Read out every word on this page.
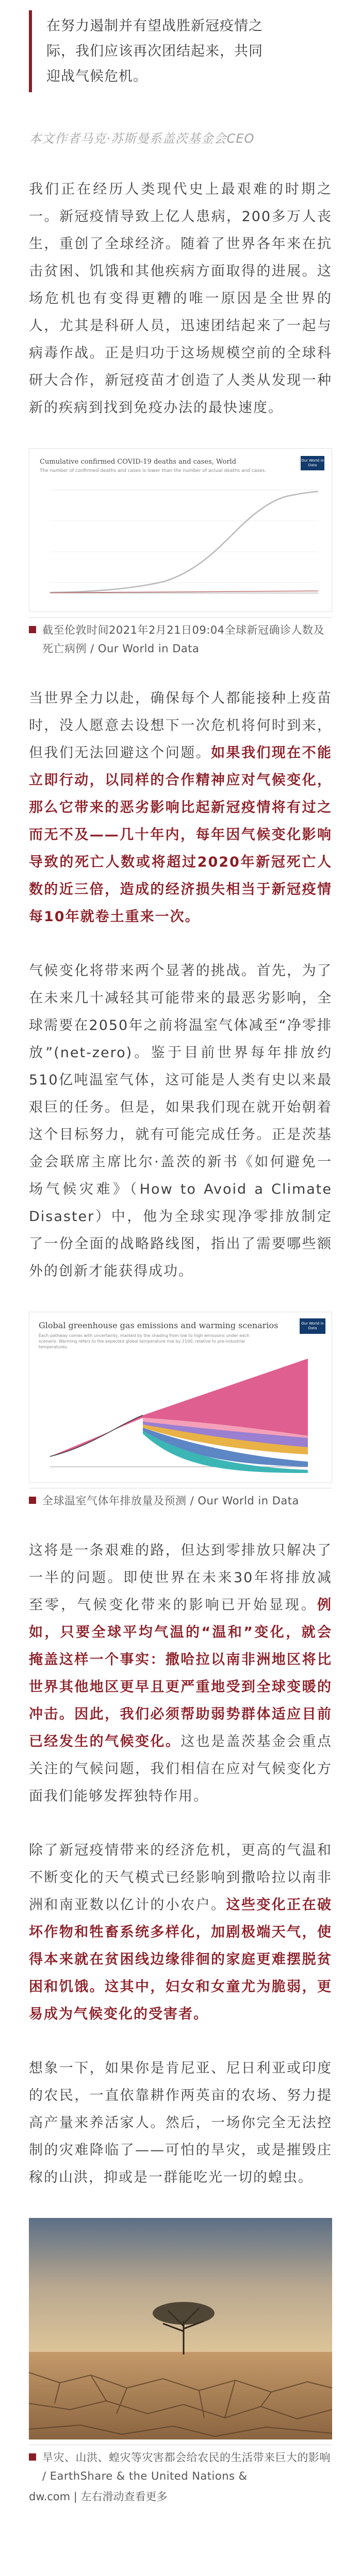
在努力遏制并有望战胜新冠疫情之
际，我们应该再次团结起来，共同
迎战气候危机。
本文作者马克·苏斯曼系盖茨基金会CEO

我们正在经历人类现代史上最艰难的时期之一。新冠疫情导致上亿人患病，200多万人丧生，重创了全球经济。随着了世界各年来在抗击贫困、饥饿和其他疾病方面取得的进展。这场危机也有变得更糟的唯一原因是全世界的人，尤其是科研人员，迅速团结起来了一起与病毒作战。正是归功于这场规模空前的全球科研大合作，新冠疫苗才创造了人类从发现一种新的疾病到找到免疫办法的最快速度。

Cumulative confirmed COVID-19 deaths and cases, World
The number of confirmed deaths and cases is lower than the number of actual deaths and cases.
Our World in Data
截至伦敦时间2021年2月21日09:04全球新冠确诊人数及死亡病例 / Our World in Data

当世界全力以赴，确保每个人都能接种上疫苗时，没人愿意去设想下一次危机将何时到来，但我们无法回避这个问题。如果我们现在不能立即行动，以同样的合作精神应对气候变化，那么它带来的恶劣影响比起新冠疫情将有过之而无不及——几十年内，每年因气候变化影响导致的死亡人数或将超过2020年新冠死亡人数的近三倍，造成的经济损失相当于新冠疫情每10年就卷土重来一次。

气候变化将带来两个显著的挑战。首先，为了在未来几十减轻其可能带来的最恶劣影响，全球需要在2050年之前将温室气体减至“净零排放”(net-zero)。鉴于目前世界每年排放约510亿吨温室气体，这可能是人类有史以来最艰巨的任务。但是，如果我们现在就开始朝着这个目标努力，就有可能完成任务。正是茨基金会联席主席比尔·盖茨的新书《如何避免一场气候灾难》（How to Avoid a Climate Disaster）中，他为全球实现净零排放制定了一份全面的战略路线图，指出了需要哪些额外的创新才能获得成功。

Global greenhouse gas emissions and warming scenarios
Each pathway comes with uncertainty, marked by the shading from low to high emissions under each scenario. Warming refers to the expected global temperature rise by 2100, relative to pre-industrial temperatures.
Our World in Data
全球温室气体年排放量及预测 / Our World in Data

这将是一条艰难的路，但达到零排放只解决了一半的问题。即使世界在未来30年将排放减至零，气候变化带来的影响已开始显现。例如，只要全球平均气温的“温和”变化，就会掩盖这样一个事实：撒哈拉以南非洲地区将比世界其他地区更早且更严重地受到全球变暖的冲击。因此，我们必须帮助弱势群体适应目前已经发生的气候变化。这也是盖茨基金会重点关注的气候问题，我们相信在应对气候变化方面我们能够发挥独特作用。

除了新冠疫情带来的经济危机，更高的气温和不断变化的天气模式已经影响到撒哈拉以南非洲和南亚数以亿计的小农户。这些变化正在破坏作物和牲畜系统多样化，加剧极端天气，使得本来就在贫困线边缘徘徊的家庭更难摆脱贫困和饥饿。这其中，妇女和女童尤为脆弱，更易成为气候变化的受害者。

想象一下，如果你是肯尼亚、尼日利亚或印度的农民，一直依靠耕作两英亩的农场、努力提高产量来养活家人。然后，一场你完全无法控制的灾难降临了——可怕的旱灾，或是摧毁庄稼的山洪，抑或是一群能吃光一切的蝗虫。

旱灾、山洪、蝗灾等灾害都会给农民的生活带来巨大的影响 / EarthShare & the United Nations &
dw.com | 左右滑动查看更多
